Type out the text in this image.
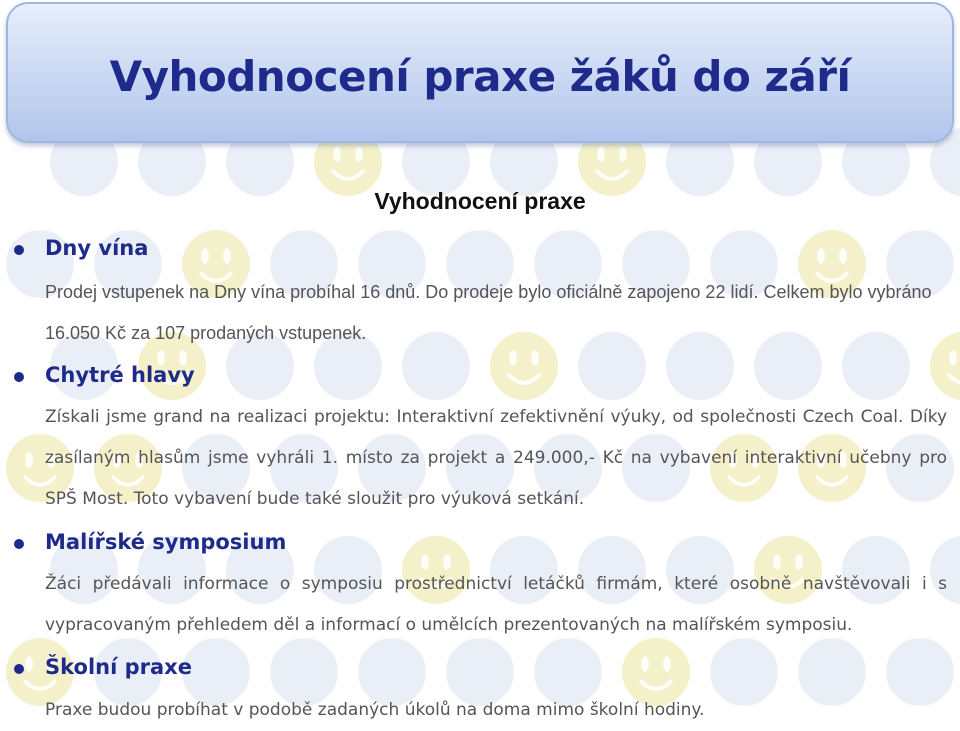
Vyhodnocení praxe žáků do září
Vyhodnocení praxe
Dny vína

Prodej vstupenek na Dny vína probíhal 16 dnů. Do prodeje bylo oficiálně zapojeno 22 lidí. Celkem bylo vybráno 16.050 Kč za 107 prodaných vstupenek.

Chytré hlavy

Získali jsme grand na realizaci projektu: Interaktivní zefektivnění výuky, od společnosti Czech Coal. Díky zasílaným hlasům jsme vyhráli 1. místo za projekt a 249.000,- Kč na vybavení interaktivní učebny pro SPŠ Most. Toto vybavení bude také sloužit pro výuková setkání.

Malířské symposium

Žáci předávali informace o symposiu prostřednictví letáčků firmám, které osobně navštěvovali i s vypracovaným přehledem děl a informací o umělcích prezentovaných na malířském symposiu.

Školní praxe

Praxe budou probíhat v podobě zadaných úkolů na doma mimo školní hodiny.
